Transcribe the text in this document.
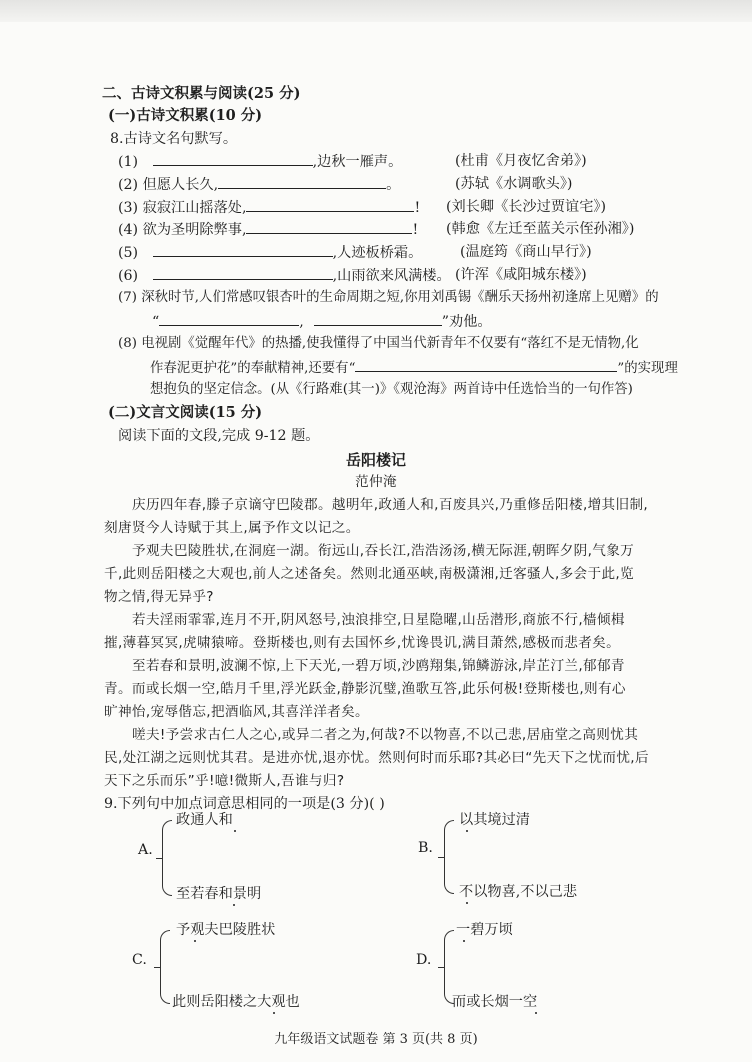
二、古诗文积累与阅读(25 分)
(一)古诗文积累(10 分)
8.古诗文名句默写。
(1)	,边秋一雁声。	(杜甫《月夜忆舍弟》)
(2) 但愿人长久,	。	(苏轼《水调歌头》)
(3) 寂寂江山摇落处,	! (刘长卿《长沙过贾谊宅》)
(4) 欲为圣明除弊事,	! (韩愈《左迁至蓝关示侄孙湘》)
(5)	,人迹板桥霜。	(温庭筠《商山早行》)
(6)	,山雨欲来风满楼。 (许浑《咸阳城东楼》)
(7) 深秋时节,人们常感叹银杏叶的生命周期之短,你用刘禹锡《酬乐天扬州初逢席上见赠》的
“	,	”劝他。
(8) 电视剧《觉醒年代》的热播,使我懂得了中国当代新青年不仅要有“落红不是无情物,化
作春泥更护花”的奉献精神,还要有“	”的实现理
想抱负的坚定信念。(从《行路难(其一)》《观沧海》两首诗中任选恰当的一句作答)
(二)文言文阅读(15 分)
阅读下面的文段,完成 9-12 题。
岳阳楼记
范仲淹
庆历四年春,滕子京谪守巴陵郡。越明年,政通人和,百废具兴,乃重修岳阳楼,增其旧制,
刻唐贤今人诗赋于其上,属予作文以记之。
予观夫巴陵胜状,在洞庭一湖。衔远山,吞长江,浩浩汤汤,横无际涯,朝晖夕阴,气象万
千,此则岳阳楼之大观也,前人之述备矣。然则北通巫峡,南极潇湘,迁客骚人,多会于此,览
物之情,得无异乎?
若夫淫雨霏霏,连月不开,阴风怒号,浊浪排空,日星隐曜,山岳潜形,商旅不行,樯倾楫
摧,薄暮冥冥,虎啸猿啼。登斯楼也,则有去国怀乡,忧谗畏讥,满目萧然,感极而悲者矣。
至若春和景明,波澜不惊,上下天光,一碧万顷,沙鸥翔集,锦鳞游泳,岸芷汀兰,郁郁青
青。而或长烟一空,皓月千里,浮光跃金,静影沉璧,渔歌互答,此乐何极!登斯楼也,则有心
旷神怡,宠辱偕忘,把酒临风,其喜洋洋者矣。
嗟夫!予尝求古仁人之心,或异二者之为,何哉?不以物喜,不以己悲,居庙堂之高则忧其
民,处江湖之远则忧其君。是进亦忧,退亦忧。然则何时而乐耶?其必曰“先天下之忧而忧,后
天下之乐而乐”乎!噫!微斯人,吾谁与归?
9.下列句中加点词意思相同的一项是(3 分)( )
A.
政通人和
至若春和景明
B.
以其境过清
不以物喜,不以己悲
C.
予观夫巴陵胜状
此则岳阳楼之大观也
D.
一碧万顷
而或长烟一空
九年级语文试题卷 第 3 页(共 8 页)
